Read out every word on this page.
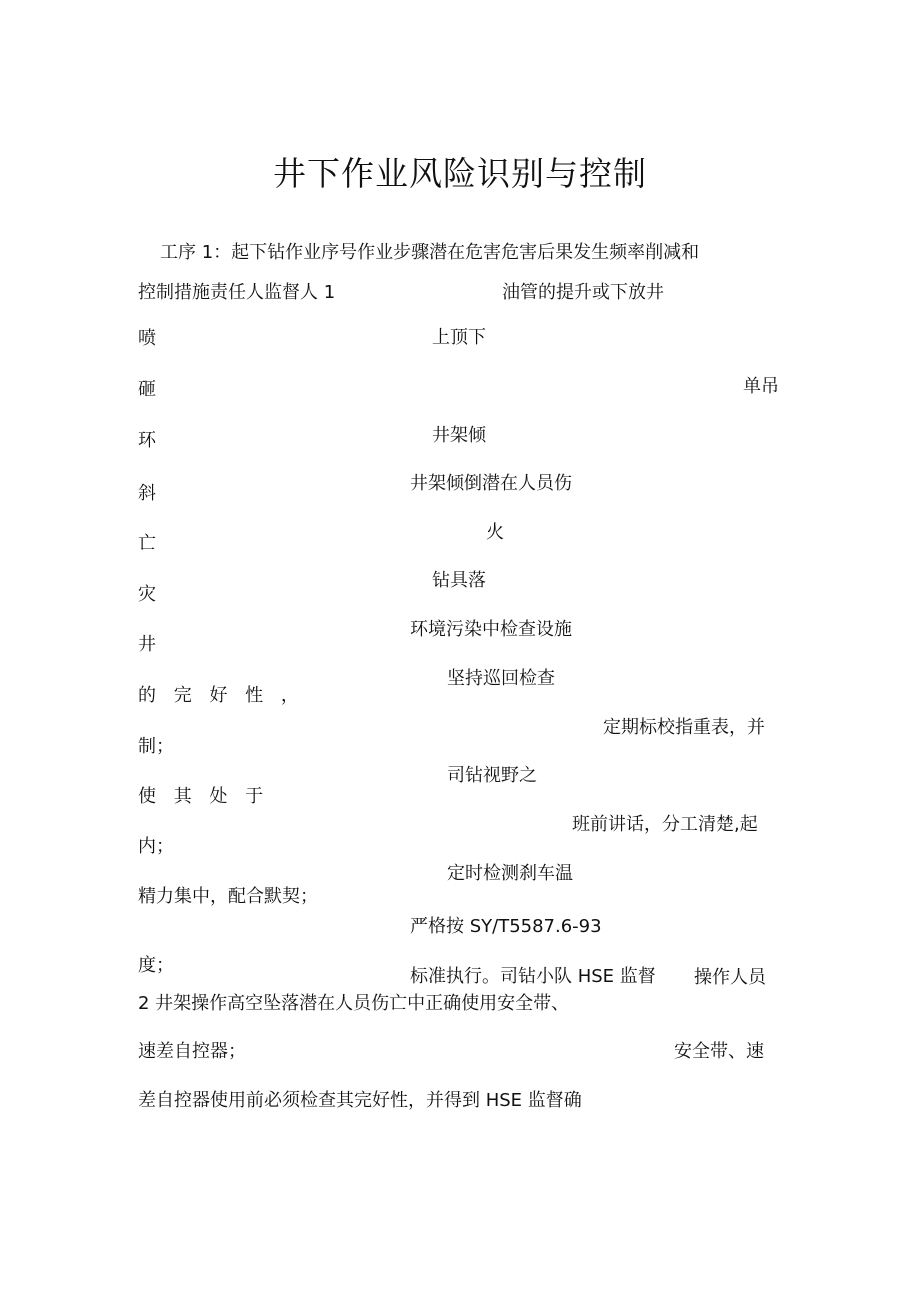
井下作业风险识别与控制
工序 1：起下钻作业序号作业步骤潜在危害危害后果发生频率削减和
控制措施责任人监督人 1	油管的提升或下放井
喷
砸
环
斜
亡
灾
井
的 完 好 性 ，
制；
使 其 处 于
内；
精力集中，配合默契；
度；
上顶下
井架倾
井架倾倒潜在人员伤
火
钻具落
环境污染中检查设施
坚持巡回检查
司钻视野之
定时检测刹车温
严格按 SY/T5587.6-93
标准执行。司钻小队 HSE 监督
单吊
定期标校指重表，并
班前讲话，分工清楚,起
操作人员
安全带、速
2 井架操作高空坠落潜在人员伤亡中正确使用安全带、
速差自控器；
差自控器使用前必须检查其完好性，并得到 HSE 监督确
